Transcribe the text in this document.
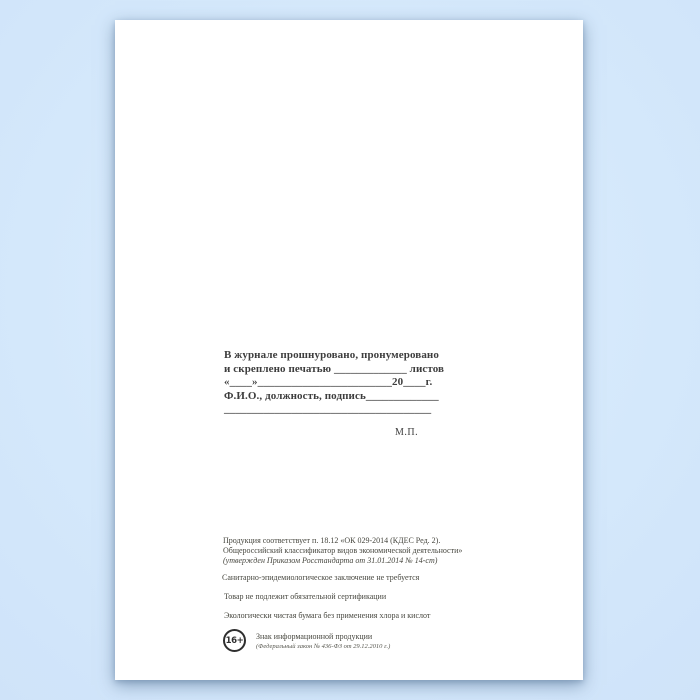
В журнале прошнуровано, пронумеровано
и скреплено печатью _____________ листов
«____»________________________20____г.
Ф.И.О., должность, подпись_____________
_____________________________________
М.П.
Продукция соответствует п. 18.12 «ОК 029-2014 (КДЕС Ред. 2).
Общероссийский классификатор видов экономической деятельности»
(утвержден Приказом Росстандарта от 31.01.2014 № 14-ст)
Санитарно-эпидемиологическое заключение не требуется
Товар не подлежит обязательной сертификации
Экологически чистая бумага без применения хлора и кислот
16+ Знак информационной продукции
(Федеральный закон № 436-ФЗ от 29.12.2010 г.)
